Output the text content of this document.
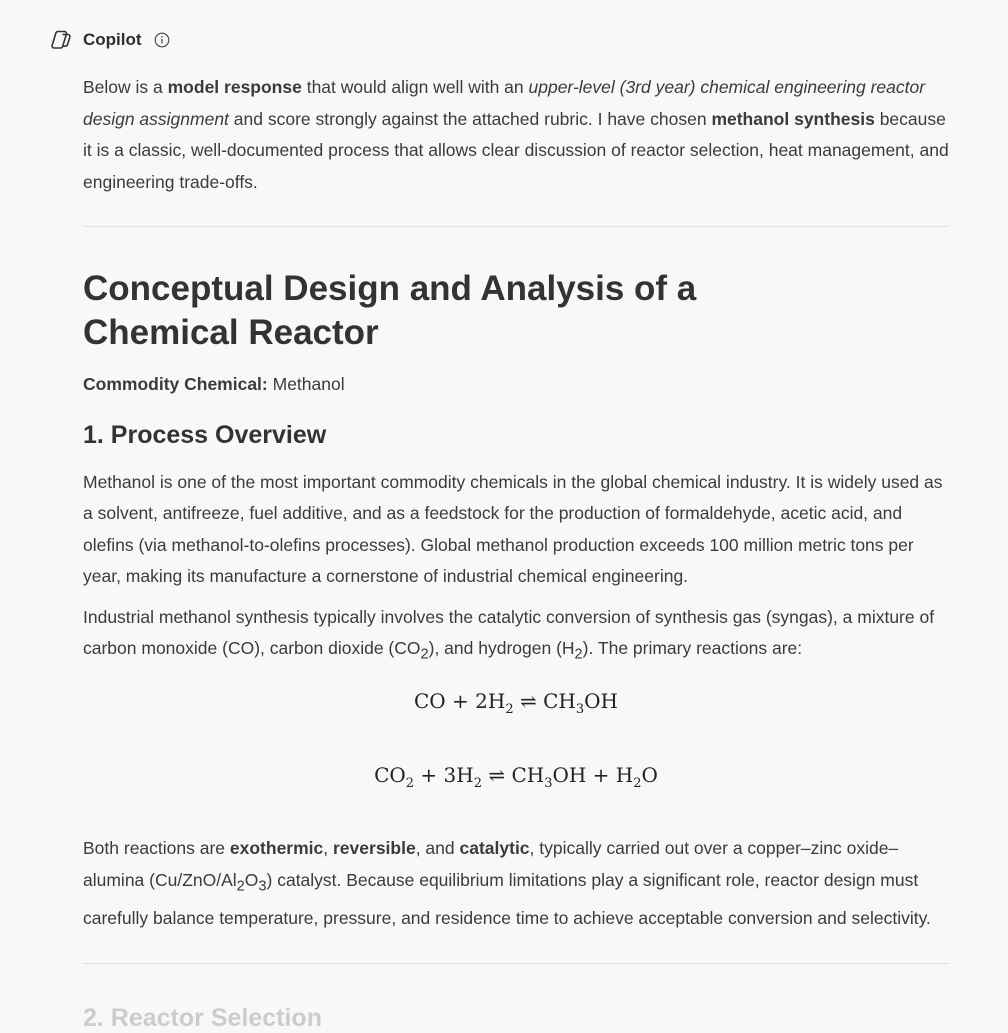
Copilot

Below is a model response that would align well with an upper-level (3rd year) chemical engineering reactor design assignment and score strongly against the attached rubric. I have chosen methanol synthesis because it is a classic, well-documented process that allows clear discussion of reactor selection, heat management, and engineering trade-offs.

Conceptual Design and Analysis of a Chemical Reactor

Commodity Chemical: Methanol

1. Process Overview

Methanol is one of the most important commodity chemicals in the global chemical industry. It is widely used as a solvent, antifreeze, fuel additive, and as a feedstock for the production of formaldehyde, acetic acid, and olefins (via methanol-to-olefins processes). Global methanol production exceeds 100 million metric tons per year, making its manufacture a cornerstone of industrial chemical engineering.

Industrial methanol synthesis typically involves the catalytic conversion of synthesis gas (syngas), a mixture of carbon monoxide (CO), carbon dioxide $(CO_2)$, and hydrogen $(H_2)$. The primary reactions are:

CO + $2H_2$ ⇌ $CH_3OH$
$CO_2 + 3H_2$ ⇌ $CH_3OH + H_2O$

Both reactions are exothermic, reversible, and catalytic, typically carried out over a copper–zinc oxide–alumina $(Cu/ZnO/Al_2O_3)$ catalyst. Because equilibrium limitations play a significant role, reactor design must carefully balance temperature, pressure, and residence time to achieve acceptable conversion and selectivity.

2. Reactor Selection
